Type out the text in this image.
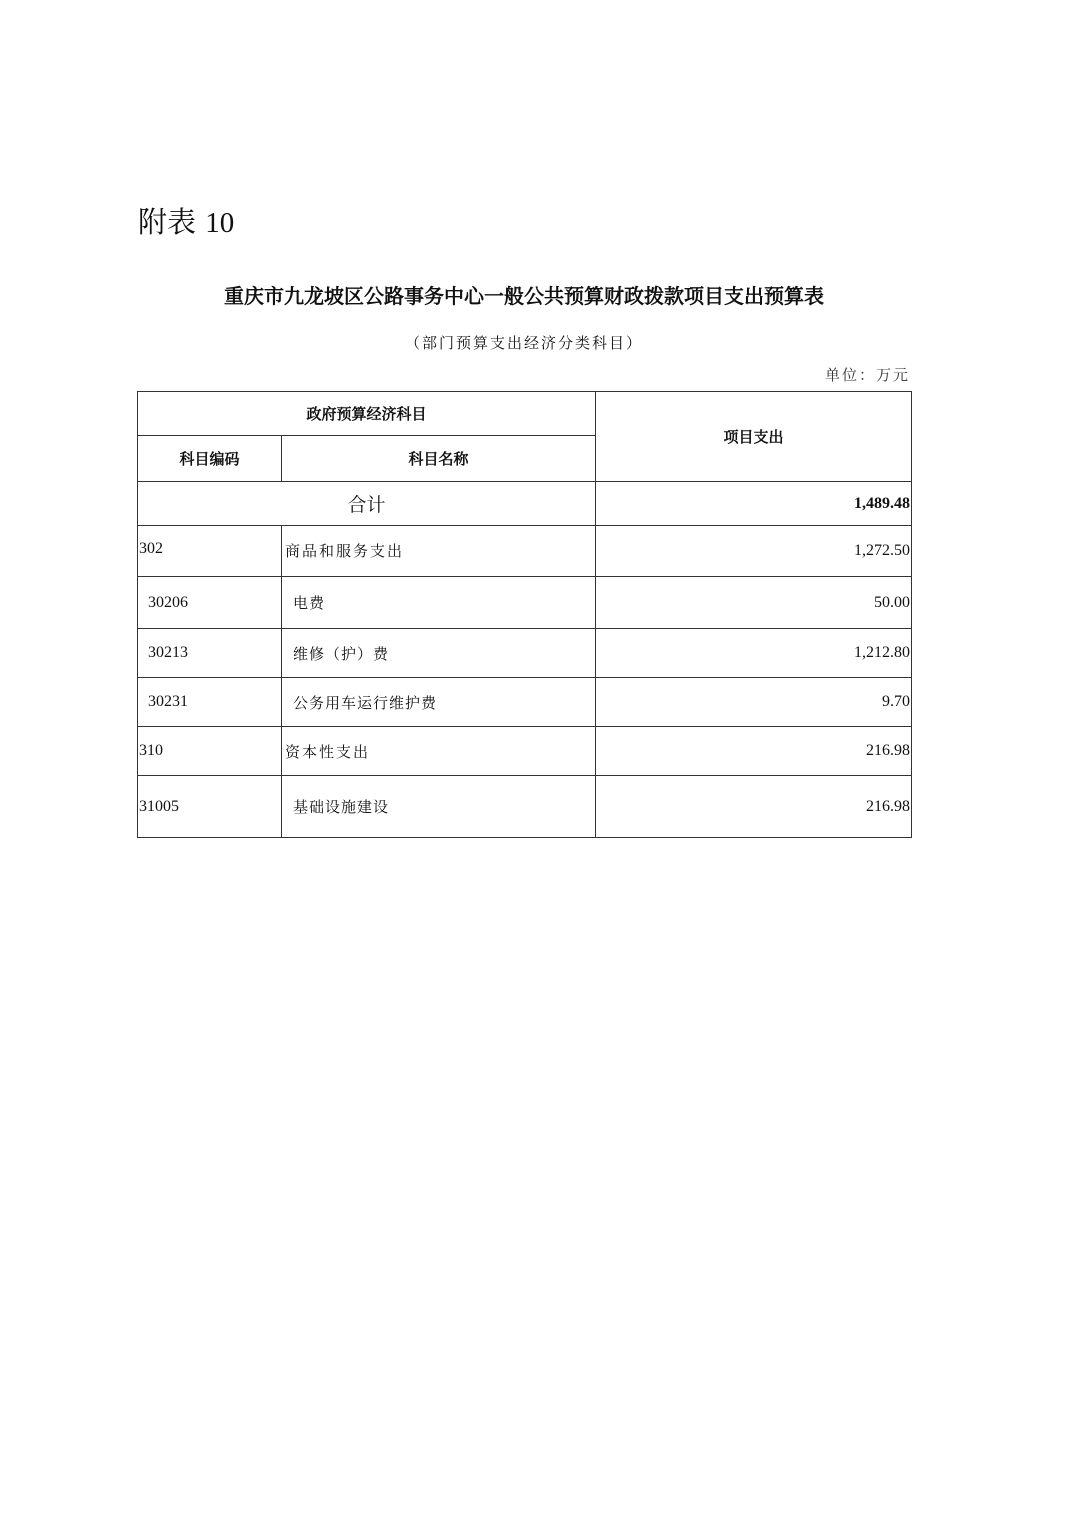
附表 10
重庆市九龙坡区公路事务中心一般公共预算财政拨款项目支出预算表
（部门预算支出经济分类科目）
单位：万元
政府预算经济科目		项目支出
科目编码	科目名称	
合计		1,489.48
302	商品和服务支出	1,272.50
30206	电费	50.00
30213	维修（护）费	1,212.80
30231	公务用车运行维护费	9.70
310	资本性支出	216.98
31005	基础设施建设	216.98
